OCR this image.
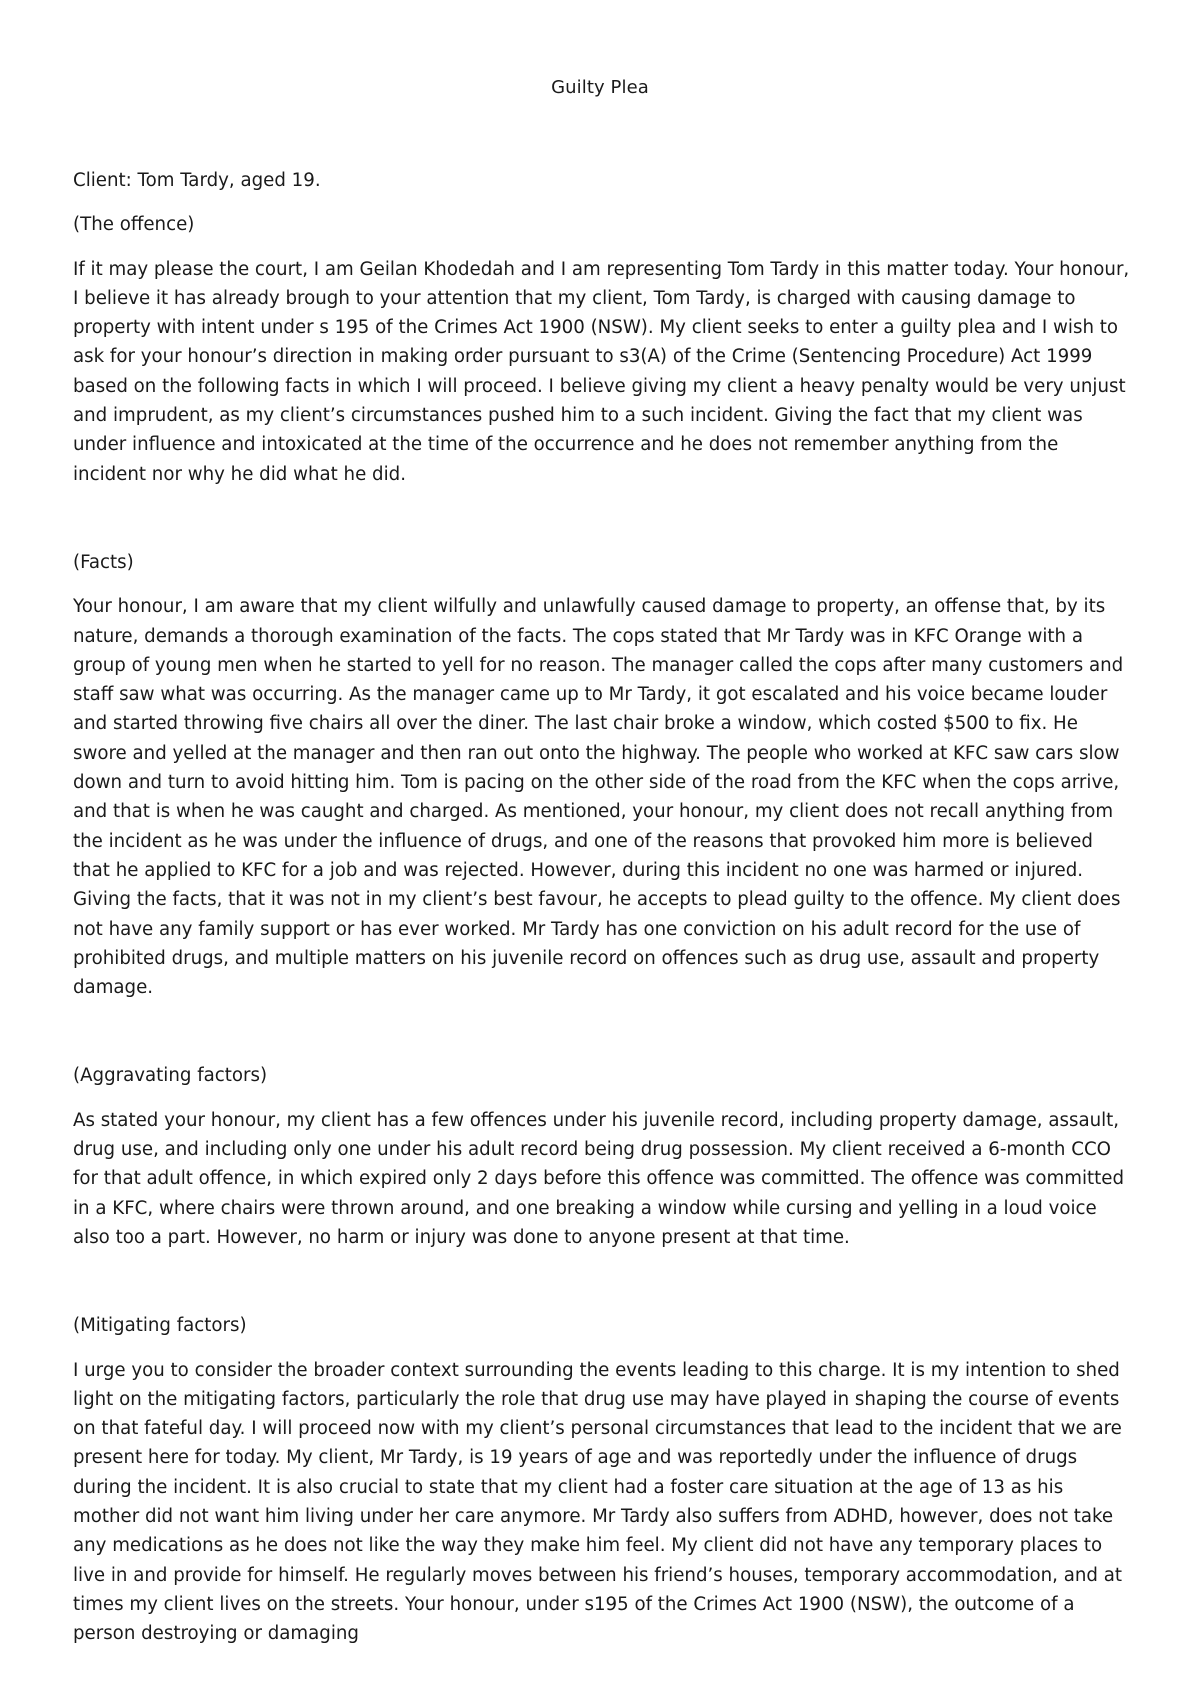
Guilty Plea

Client: Tom Tardy, aged 19.

(The offence)

If it may please the court, I am Geilan Khodedah and I am representing Tom Tardy in this matter today. Your honour, I believe it has already brough to your attention that my client, Tom Tardy, is charged with causing damage to property with intent under s 195 of the Crimes Act 1900 (NSW). My client seeks to enter a guilty plea and I wish to ask for your honour’s direction in making order pursuant to s3(A) of the Crime (Sentencing Procedure) Act 1999 based on the following facts in which I will proceed. I believe giving my client a heavy penalty would be very unjust and imprudent, as my client’s circumstances pushed him to a such incident. Giving the fact that my client was under influence and intoxicated at the time of the occurrence and he does not remember anything from the incident nor why he did what he did.

(Facts)

Your honour, I am aware that my client wilfully and unlawfully caused damage to property, an offense that, by its nature, demands a thorough examination of the facts. The cops stated that Mr Tardy was in KFC Orange with a group of young men when he started to yell for no reason. The manager called the cops after many customers and staff saw what was occurring. As the manager came up to Mr Tardy, it got escalated and his voice became louder and started throwing five chairs all over the diner. The last chair broke a window, which costed $500 to fix. He swore and yelled at the manager and then ran out onto the highway. The people who worked at KFC saw cars slow down and turn to avoid hitting him. Tom is pacing on the other side of the road from the KFC when the cops arrive, and that is when he was caught and charged. As mentioned, your honour, my client does not recall anything from the incident as he was under the influence of drugs, and one of the reasons that provoked him more is believed that he applied to KFC for a job and was rejected. However, during this incident no one was harmed or injured. Giving the facts, that it was not in my client’s best favour, he accepts to plead guilty to the offence. My client does not have any family support or has ever worked. Mr Tardy has one conviction on his adult record for the use of prohibited drugs, and multiple matters on his juvenile record on offences such as drug use, assault and property damage.

(Aggravating factors)

As stated your honour, my client has a few offences under his juvenile record, including property damage, assault, drug use, and including only one under his adult record being drug possession. My client received a 6-month CCO for that adult offence, in which expired only 2 days before this offence was committed. The offence was committed in a KFC, where chairs were thrown around, and one breaking a window while cursing and yelling in a loud voice also too a part. However, no harm or injury was done to anyone present at that time.

(Mitigating factors)

I urge you to consider the broader context surrounding the events leading to this charge. It is my intention to shed light on the mitigating factors, particularly the role that drug use may have played in shaping the course of events on that fateful day. I will proceed now with my client’s personal circumstances that lead to the incident that we are present here for today. My client, Mr Tardy, is 19 years of age and was reportedly under the influence of drugs during the incident. It is also crucial to state that my client had a foster care situation at the age of 13 as his mother did not want him living under her care anymore. Mr Tardy also suffers from ADHD, however, does not take any medications as he does not like the way they make him feel. My client did not have any temporary places to live in and provide for himself. He regularly moves between his friend’s houses, temporary accommodation, and at times my client lives on the streets. Your honour, under s195 of the Crimes Act 1900 (NSW), the outcome of a person destroying or damaging
